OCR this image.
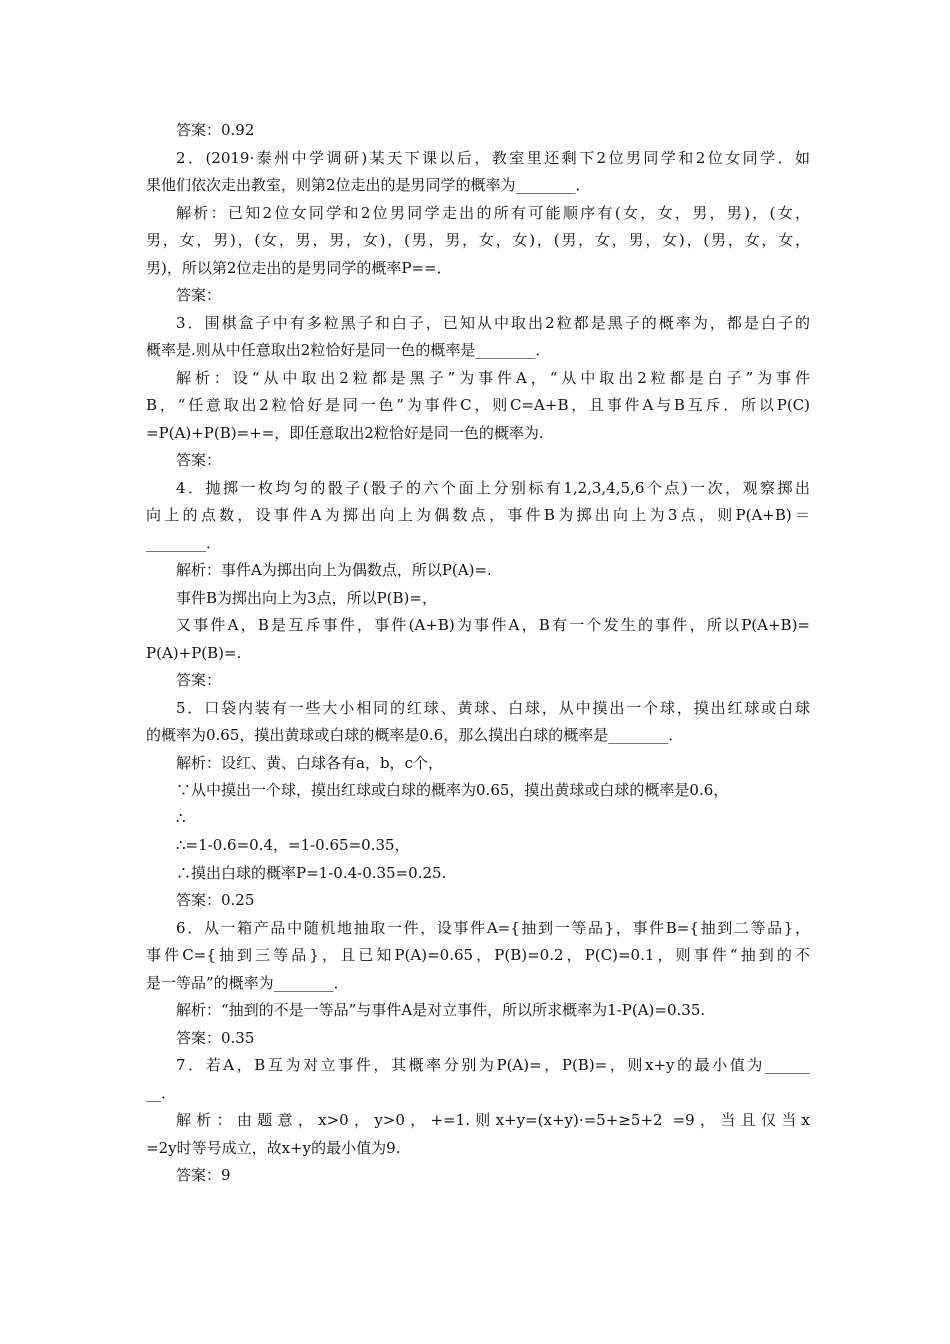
答案：0.92
2．(2019·泰州中学调研)某天下课以后，教室里还剩下2位男同学和2位女同学．如
果他们依次走出教室，则第2位走出的是男同学的概率为________．
解析：已知2位女同学和2位男同学走出的所有可能顺序有(女，女，男，男)，(女，
男，女，男)，(女，男，男，女)，(男，男，女，女)，(男，女，男，女)，(男，女，女，
男)，所以第2位走出的是男同学的概率P==．
答案：
3．围棋盒子中有多粒黑子和白子，已知从中取出2粒都是黑子的概率为，都是白子的
概率是.则从中任意取出2粒恰好是同一色的概率是________．
解析：设“从中取出2粒都是黑子”为事件A，“从中取出2粒都是白子”为事件
B，“任意取出2粒恰好是同一色”为事件C，则C=A+B，且事件A与B互斥．所以P(C)
=P(A)+P(B)=+=，即任意取出2粒恰好是同一色的概率为.
答案：
4．抛掷一枚均匀的骰子(骰子的六个面上分别标有1,2,3,4,5,6个点)一次，观察掷出
向上的点数，设事件A为掷出向上为偶数点，事件B为掷出向上为3点，则P(A+B)＝
________．
解析：事件A为掷出向上为偶数点，所以P(A)=.
事件B为掷出向上为3点，所以P(B)=，
又事件A，B是互斥事件，事件(A+B)为事件A，B有一个发生的事件，所以P(A+B)=
P(A)+P(B)=.
答案：
5．口袋内装有一些大小相同的红球、黄球、白球，从中摸出一个球，摸出红球或白球
的概率为0.65，摸出黄球或白球的概率是0.6，那么摸出白球的概率是________．
解析：设红、黄、白球各有a，b，c个，
∵从中摸出一个球，摸出红球或白球的概率为0.65，摸出黄球或白球的概率是0.6，
∴
∴=1-0.6=0.4，=1-0.65=0.35，
∴摸出白球的概率P=1-0.4-0.35=0.25.
答案：0.25
6．从一箱产品中随机地抽取一件，设事件A={抽到一等品}，事件B={抽到二等品}，
事件C={抽到三等品}，且已知P(A)=0.65，P(B)=0.2，P(C)=0.1，则事件“抽到的不
是一等品”的概率为________．
解析：“抽到的不是一等品”与事件A是对立事件，所以所求概率为1-P(A)=0.35.
答案：0.35
7．若A，B互为对立事件，其概率分别为P(A)=，P(B)=，则x+y的最小值为______
__．
解析：由题意，x>0，y>0，+=1.则x+y=(x+y)·=5+≥5+2 =9，当且仅当x
=2y时等号成立，故x+y的最小值为9.
答案：9
